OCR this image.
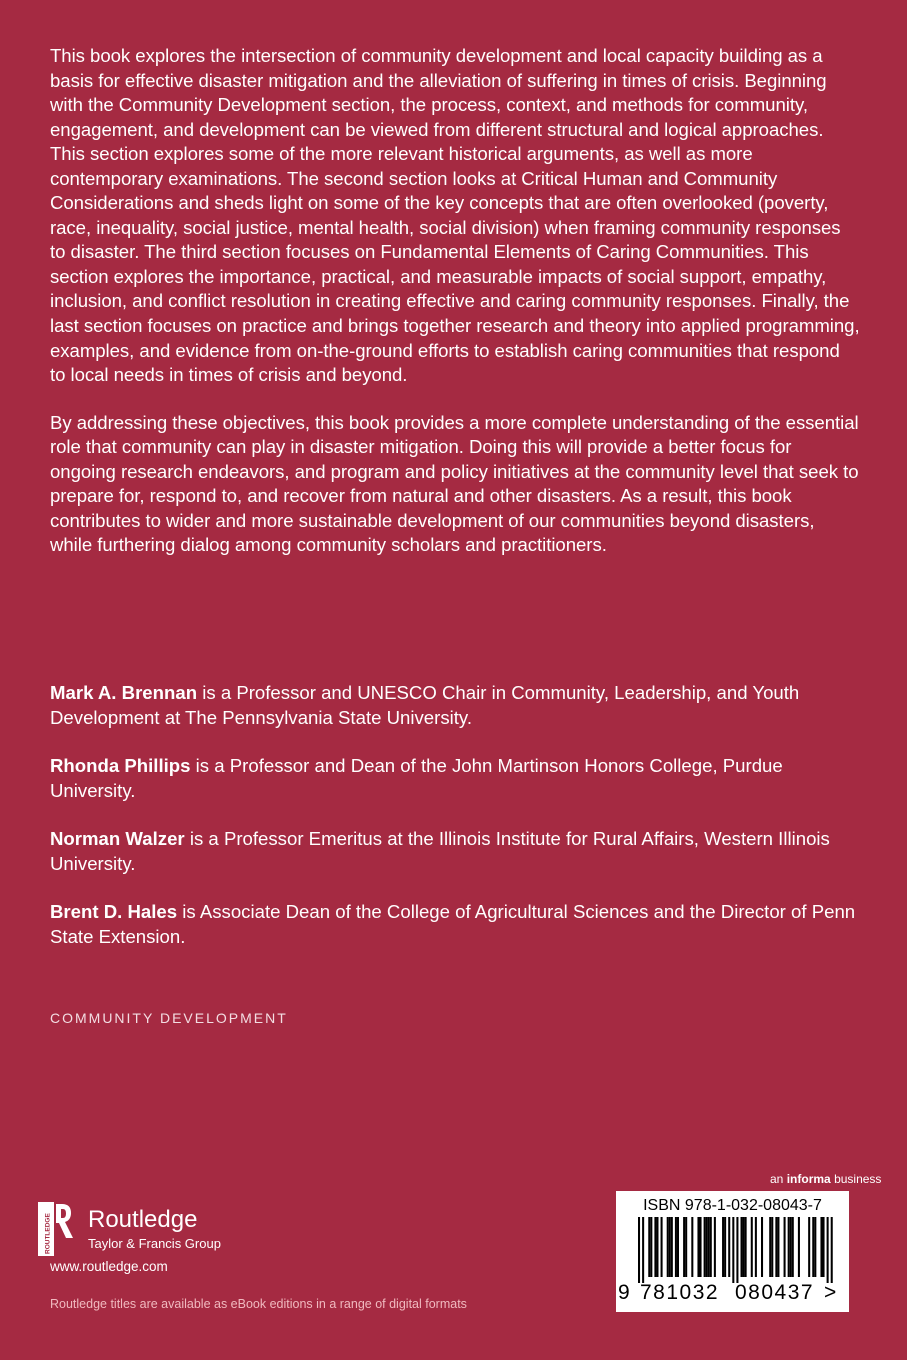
This book explores the intersection of community development and local capacity building as a basis for effective disaster mitigation and the alleviation of suffering in times of crisis. Beginning with the Community Development section, the process, context, and methods for community, engagement, and development can be viewed from different structural and logical approaches. This section explores some of the more relevant historical arguments, as well as more contemporary examinations. The second section looks at Critical Human and Community Considerations and sheds light on some of the key concepts that are often overlooked (poverty, race, inequality, social justice, mental health, social division) when framing community responses to disaster. The third section focuses on Fundamental Elements of Caring Communities. This section explores the importance, practical, and measurable impacts of social support, empathy, inclusion, and conflict resolution in creating effective and caring community responses. Finally, the last section focuses on practice and brings together research and theory into applied programming, examples, and evidence from on-the-ground efforts to establish caring communities that respond to local needs in times of crisis and beyond.

By addressing these objectives, this book provides a more complete understanding of the essential role that community can play in disaster mitigation. Doing this will provide a better focus for ongoing research endeavors, and program and policy initiatives at the community level that seek to prepare for, respond to, and recover from natural and other disasters. As a result, this book contributes to wider and more sustainable development of our communities beyond disasters, while furthering dialog among community scholars and practitioners.

Mark A. Brennan is a Professor and UNESCO Chair in Community, Leadership, and Youth Development at The Pennsylvania State University.

Rhonda Phillips is a Professor and Dean of the John Martinson Honors College, Purdue University.

Norman Walzer is a Professor Emeritus at the Illinois Institute for Rural Affairs, Western Illinois University.

Brent D. Hales is Associate Dean of the College of Agricultural Sciences and the Director of Penn State Extension.

COMMUNITY DEVELOPMENT
ROUTLEDGE Routledge
Taylor & Francis Group
www.routledge.com
Routledge titles are available as eBook editions in a range of digital formats
an informa business
ISBN 978-1-032-08043-7
9 781032 080437 >
